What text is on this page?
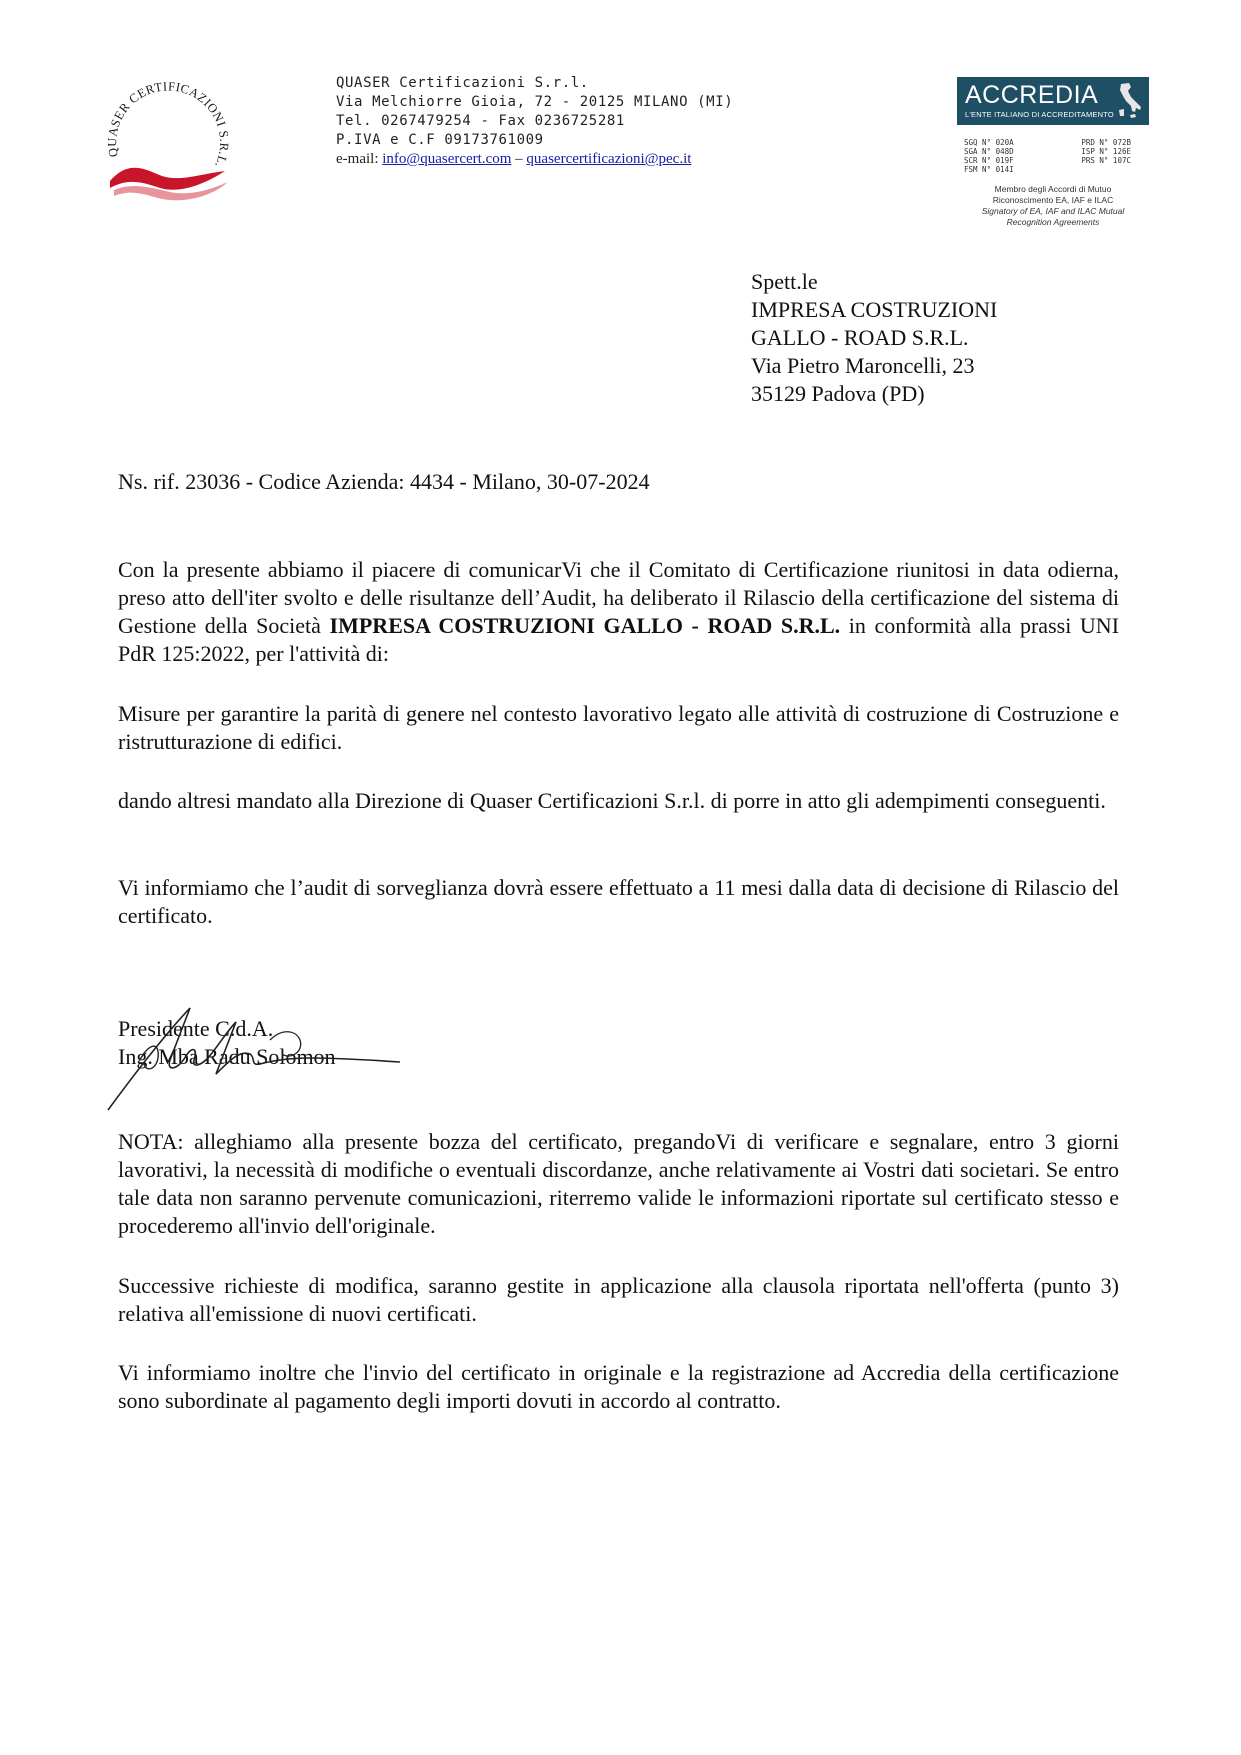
QUASER CERTIFICAZIONI S.R.L.
QUASER Certificazioni S.r.l.
Via Melchiorre Gioia, 72 - 20125 MILANO (MI)
Tel. 0267479254 - Fax 0236725281
P.IVA e C.F 09173761009
e-mail: info@quasercert.com – quasercertificazioni@pec.it
ACCREDIA
L'ENTE ITALIANO DI ACCREDITAMENTO
SGQ N° 020A
SGA N° 048D
SCR N° 019F
FSM N° 014I
PRD N° 072B
ISP N° 126E
PRS N° 107C
Membro degli Accordi di Mutuo
Riconoscimento EA, IAF e ILAC
Signatory of EA, IAF and ILAC Mutual
Recognition Agreements
Spett.le
IMPRESA COSTRUZIONI
GALLO - ROAD S.R.L.
Via Pietro Maroncelli, 23
35129 Padova (PD)
Ns. rif. 23036 - Codice Azienda: 4434 - Milano, 30-07-2024
Con la presente abbiamo il piacere di comunicarVi che il Comitato di Certificazione riunitosi in data odierna, preso atto dell'iter svolto e delle risultanze dell’Audit, ha deliberato il Rilascio della certificazione del sistema di Gestione della Società IMPRESA COSTRUZIONI GALLO - ROAD S.R.L. in conformità alla prassi UNI PdR 125:2022, per l'attività di:
Misure per garantire la parità di genere nel contesto lavorativo legato alle attività di costruzione di Costruzione e ristrutturazione di edifici.
dando altresi mandato alla Direzione di Quaser Certificazioni S.r.l. di porre in atto gli adempimenti conseguenti.
Vi informiamo che l’audit di sorveglianza dovrà essere effettuato a 11 mesi dalla data di decisione di Rilascio del certificato.
Presidente C.d.A.
Ing. Mba Radu Solomon
NOTA: alleghiamo alla presente bozza del certificato, pregandoVi di verificare e segnalare, entro 3 giorni lavorativi, la necessità di modifiche o eventuali discordanze, anche relativamente ai Vostri dati societari. Se entro tale data non saranno pervenute comunicazioni, riterremo valide le informazioni riportate sul certificato stesso e procederemo all'invio dell'originale.
Successive richieste di modifica, saranno gestite in applicazione alla clausola riportata nell'offerta (punto 3) relativa all'emissione di nuovi certificati.
Vi informiamo inoltre che l'invio del certificato in originale e la registrazione ad Accredia della certificazione sono subordinate al pagamento degli importi dovuti in accordo al contratto.
